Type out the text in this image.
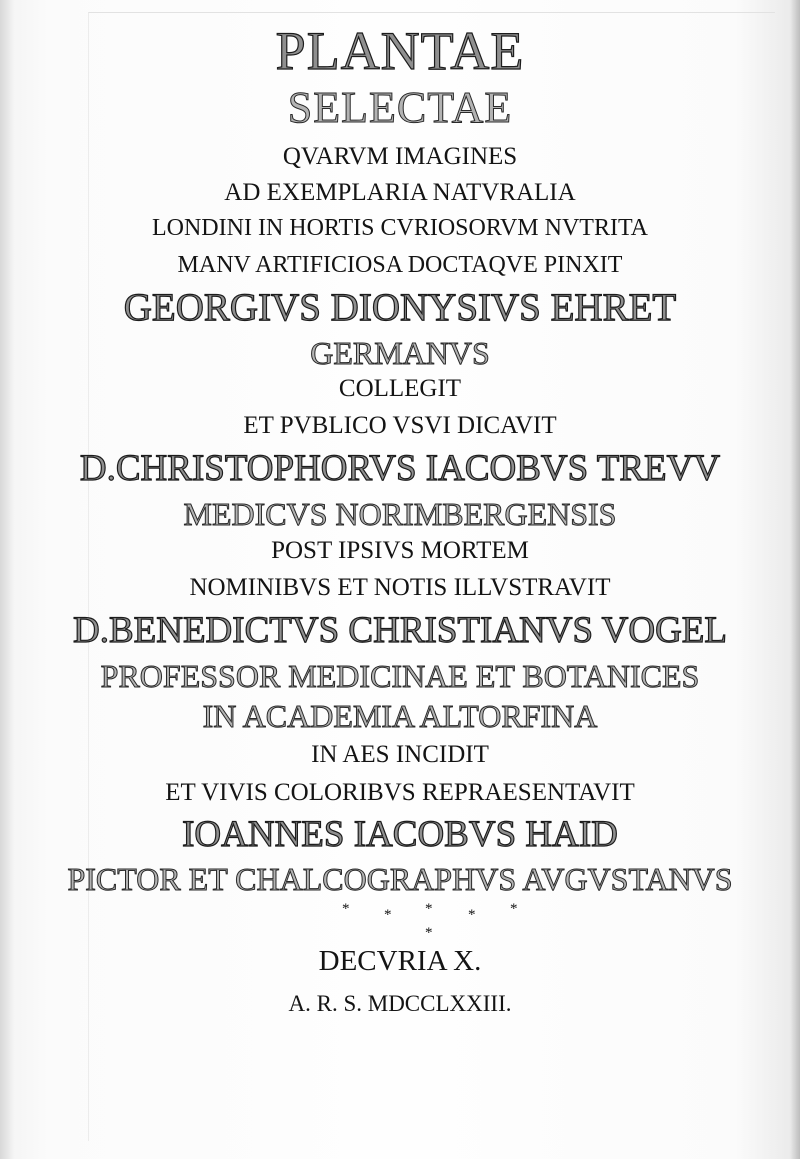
PLANTAE
SELECTAE
QVARVM IMAGINES
AD EXEMPLARIA NATVRALIA
LONDINI IN HORTIS CVRIOSORVM NVTRITA
MANV ARTIFICIOSA DOCTAQVE PINXIT
GEORGIVS DIONYSIVS EHRET
GERMANVS
COLLEGIT
ET PVBLICO VSVI DICAVIT
D.CHRISTOPHORVS IACOBVS TREVV
MEDICVS NORIMBERGENSIS
POST IPSIVS MORTEM
NOMINIBVS ET NOTIS ILLVSTRAVIT
D.BENEDICTVS CHRISTIANVS VOGEL
PROFESSOR MEDICINAE ET BOTANICES
IN ACADEMIA ALTORFINA
IN AES INCIDIT
ET VIVIS COLORIBVS REPRAESENTAVIT
IOANNES IACOBVS HAID
PICTOR ET CHALCOGRAPHVS AVGVSTANVS
*	*
* * *
*
DECVRIA X.
A. R. S. MDCCLXXIII.
